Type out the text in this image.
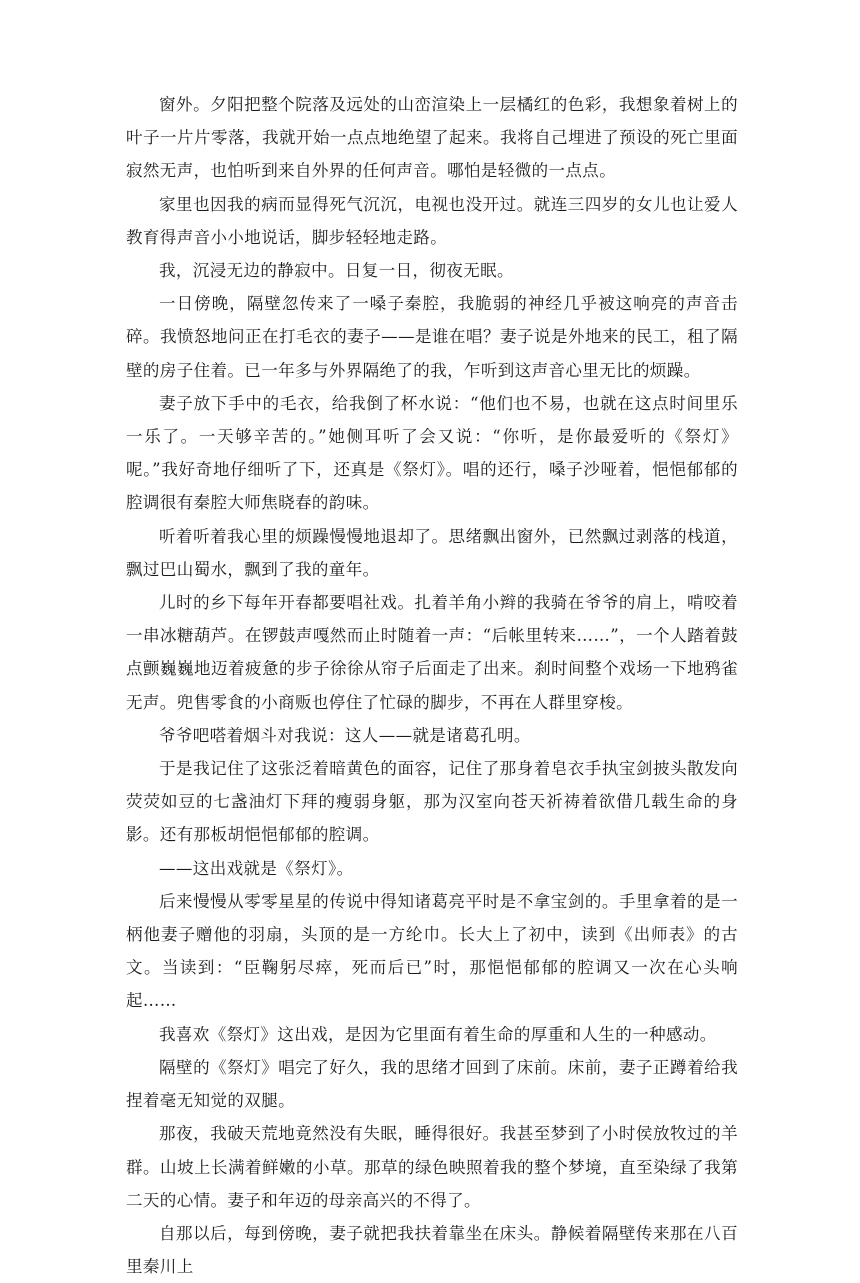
窗外。夕阳把整个院落及远处的山峦渲染上一层橘红的色彩，我想象着树上的叶子一片片零落，我就开始一点点地绝望了起来。我将自己埋进了预设的死亡里面寂然无声，也怕听到来自外界的任何声音。哪怕是轻微的一点点。

家里也因我的病而显得死气沉沉，电视也没开过。就连三四岁的女儿也让爱人教育得声音小小地说话，脚步轻轻地走路。

我，沉浸无边的静寂中。日复一日，彻夜无眠。

一日傍晚，隔壁忽传来了一嗓子秦腔，我脆弱的神经几乎被这响亮的声音击碎。我愤怒地问正在打毛衣的妻子——是谁在唱？妻子说是外地来的民工，租了隔壁的房子住着。已一年多与外界隔绝了的我，乍听到这声音心里无比的烦躁。

妻子放下手中的毛衣，给我倒了杯水说：“他们也不易，也就在这点时间里乐一乐了。一天够辛苦的。”她侧耳听了会又说：“你听，是你最爱听的《祭灯》呢。”我好奇地仔细听了下，还真是《祭灯》。唱的还行，嗓子沙哑着，悒悒郁郁的腔调很有秦腔大师焦晓春的韵味。

听着听着我心里的烦躁慢慢地退却了。思绪飘出窗外，已然飘过剥落的栈道，飘过巴山蜀水，飘到了我的童年。

儿时的乡下每年开春都要唱社戏。扎着羊角小辫的我骑在爷爷的肩上，啃咬着一串冰糖葫芦。在锣鼓声嘎然而止时随着一声：“后帐里转来……”，一个人踏着鼓点颤巍巍地迈着疲惫的步子徐徐从帘子后面走了出来。刹时间整个戏场一下地鸦雀无声。兜售零食的小商贩也停住了忙碌的脚步，不再在人群里穿梭。

爷爷吧嗒着烟斗对我说：这人——就是诸葛孔明。

于是我记住了这张泛着暗黄色的面容，记住了那身着皂衣手执宝剑披头散发向荧荧如豆的七盏油灯下拜的瘦弱身躯，那为汉室向苍天祈祷着欲借几载生命的身影。还有那板胡悒悒郁郁的腔调。

——这出戏就是《祭灯》。

后来慢慢从零零星星的传说中得知诸葛亮平时是不拿宝剑的。手里拿着的是一柄他妻子赠他的羽扇，头顶的是一方纶巾。长大上了初中，读到《出师表》的古文。当读到：“臣鞠躬尽瘁，死而后已”时，那悒悒郁郁的腔调又一次在心头响起……

我喜欢《祭灯》这出戏，是因为它里面有着生命的厚重和人生的一种感动。

隔壁的《祭灯》唱完了好久，我的思绪才回到了床前。床前，妻子正蹲着给我捏着毫无知觉的双腿。

那夜，我破天荒地竟然没有失眠，睡得很好。我甚至梦到了小时侯放牧过的羊群。山坡上长满着鲜嫩的小草。那草的绿色映照着我的整个梦境，直至染绿了我第二天的心情。妻子和年迈的母亲高兴的不得了。

自那以后，每到傍晚，妻子就把我扶着靠坐在床头。静候着隔壁传来那在八百里秦川上
